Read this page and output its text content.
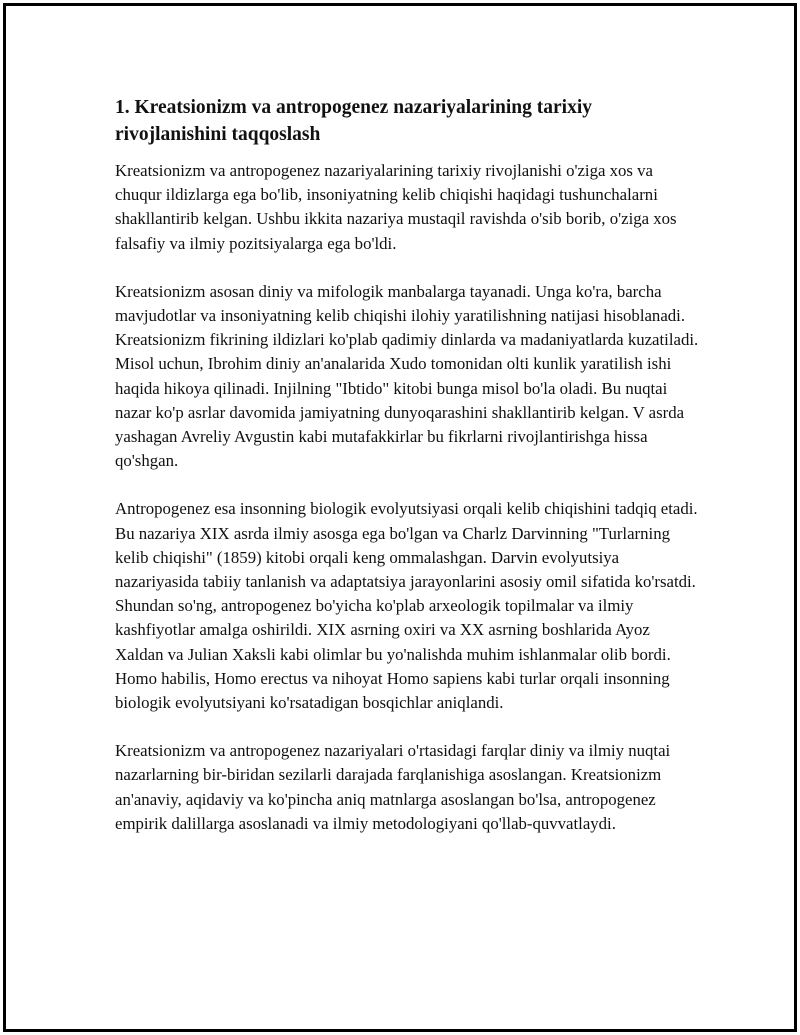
1. Kreatsionizm va antropogenez nazariyalarining tarixiy rivojlanishini taqqoslash

Kreatsionizm va antropogenez nazariyalarining tarixiy rivojlanishi o'ziga xos va chuqur ildizlarga ega bo'lib, insoniyatning kelib chiqishi haqidagi tushunchalarni shakllantirib kelgan. Ushbu ikkita nazariya mustaqil ravishda o'sib borib, o'ziga xos falsafiy va ilmiy pozitsiyalarga ega bo'ldi.

Kreatsionizm asosan diniy va mifologik manbalarga tayanadi. Unga ko'ra, barcha mavjudotlar va insoniyatning kelib chiqishi ilohiy yaratilishning natijasi hisoblanadi. Kreatsionizm fikrining ildizlari ko'plab qadimiy dinlarda va madaniyatlarda kuzatiladi. Misol uchun, Ibrohim diniy an'analarida Xudo tomonidan olti kunlik yaratilish ishi haqida hikoya qilinadi. Injilning "Ibtido" kitobi bunga misol bo'la oladi. Bu nuqtai nazar ko'p asrlar davomida jamiyatning dunyoqarashini shakllantirib kelgan. V asrda yashagan Avreliy Avgustin kabi mutafakkirlar bu fikrlarni rivojlantirishga hissa qo'shgan.

Antropogenez esa insonning biologik evolyutsiyasi orqali kelib chiqishini tadqiq etadi. Bu nazariya XIX asrda ilmiy asosga ega bo'lgan va Charlz Darvinning "Turlarning kelib chiqishi" (1859) kitobi orqali keng ommalashgan. Darvin evolyutsiya nazariyasida tabiiy tanlanish va adaptatsiya jarayonlarini asosiy omil sifatida ko'rsatdi. Shundan so'ng, antropogenez bo'yicha ko'plab arxeologik topilmalar va ilmiy kashfiyotlar amalga oshirildi. XIX asrning oxiri va XX asrning boshlarida Ayoz Xaldan va Julian Xaksli kabi olimlar bu yo'nalishda muhim ishlanmalar olib bordi. Homo habilis, Homo erectus va nihoyat Homo sapiens kabi turlar orqali insonning biologik evolyutsiyani ko'rsatadigan bosqichlar aniqlandi.

Kreatsionizm va antropogenez nazariyalari o'rtasidagi farqlar diniy va ilmiy nuqtai nazarlarning bir-biridan sezilarli darajada farqlanishiga asoslangan. Kreatsionizm an'anaviy, aqidaviy va ko'pincha aniq matnlarga asoslangan bo'lsa, antropogenez empirik dalillarga asoslanadi va ilmiy metodologiyani qo'llab-quvvatlaydi.
